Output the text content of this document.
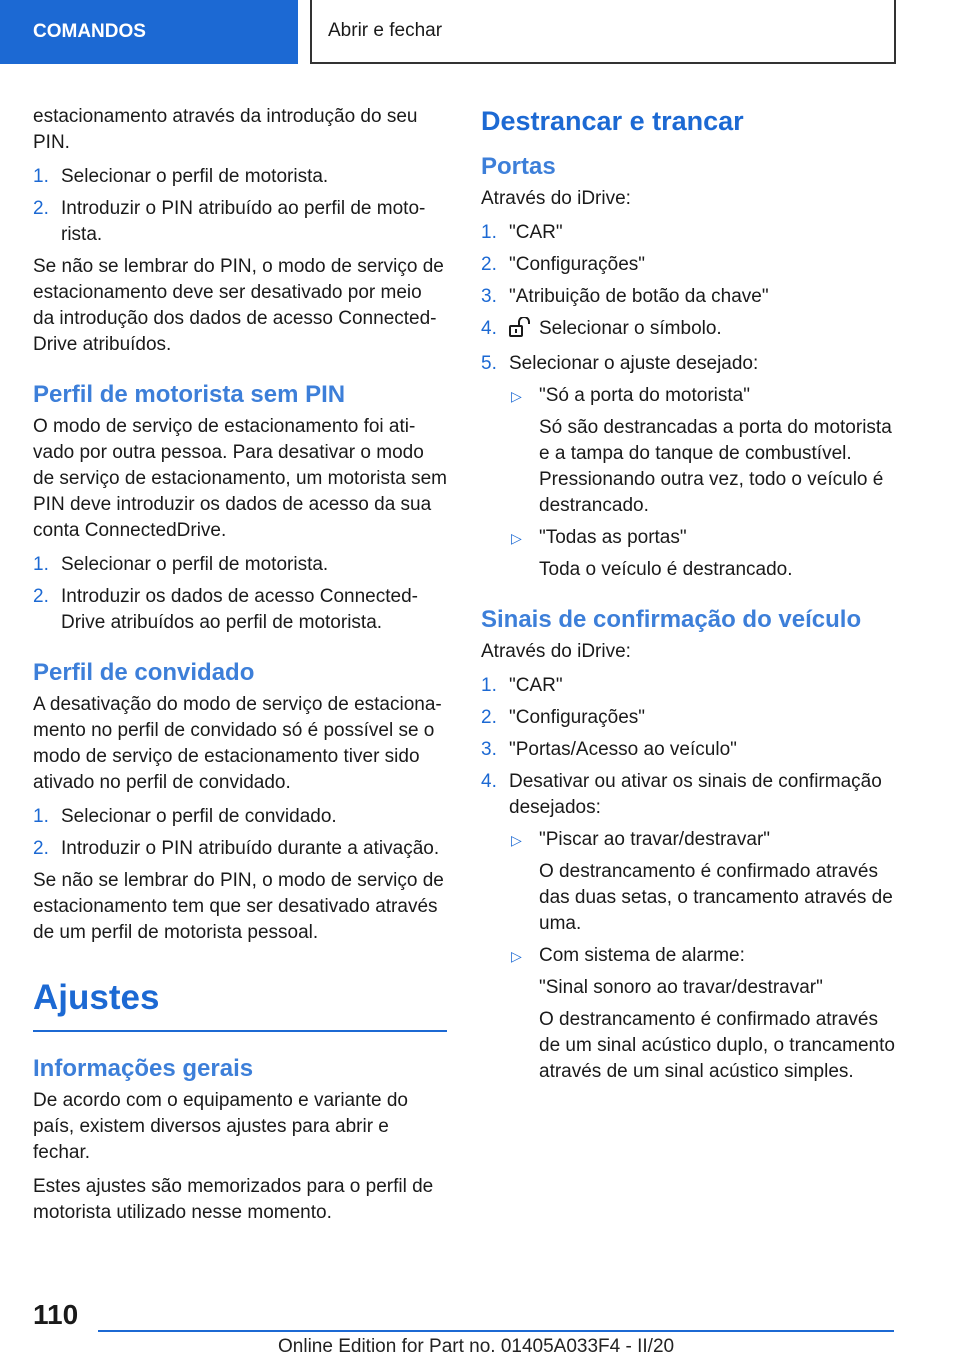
COMANDOS	Abrir e fechar

estacionamento através da introdução do seu PIN.

1. Selecionar o perfil de motorista.
2. Introduzir o PIN atribuído ao perfil de moto-rista.

Se não se lembrar do PIN, o modo de serviço de estacionamento deve ser desativado por meio da introdução dos dados de acesso Connected-Drive atribuídos.

Perfil de motorista sem PIN

O modo de serviço de estacionamento foi ati-vado por outra pessoa. Para desativar o modo de serviço de estacionamento, um motorista sem PIN deve introduzir os dados de acesso da sua conta ConnectedDrive.

1. Selecionar o perfil de motorista.
2. Introduzir os dados de acesso Connected-Drive atribuídos ao perfil de motorista.
Perfil de convidado

A desativação do modo de serviço de estaciona-mento no perfil de convidado só é possível se o modo de serviço de estacionamento tiver sido ativado no perfil de convidado.

1. Selecionar o perfil de convidado.
2. Introduzir o PIN atribuído durante a ativação.

Se não se lembrar do PIN, o modo de serviço de estacionamento tem que ser desativado através de um perfil de motorista pessoal.

Ajustes
Informações gerais

De acordo com o equipamento e variante do país, existem diversos ajustes para abrir e fechar.

Estes ajustes são memorizados para o perfil de motorista utilizado nesse momento.

Destrancar e trancar
Portas

Através do iDrive:

1. "CAR"
2. "Configurações"
3. "Atribuição de botão da chave"
4. Selecionar o símbolo.
5. Selecionar o ajuste desejado:
▷ "Só a porta do motorista"
Só são destrancadas a porta do motorista e a tampa do tanque de combustível. Pressionando outra vez, todo o veículo é destrancado.
▷ "Todas as portas"
Toda o veículo é destrancado.
Sinais de confirmação do veículo

Através do iDrive:

1. "CAR"
2. "Configurações"
3. "Portas/Acesso ao veículo"
4. Desativar ou ativar os sinais de confirmação desejados:
▷ "Piscar ao travar/destravar"
O destrancamento é confirmado através das duas setas, o trancamento através de uma.
▷ Com sistema de alarme:
"Sinal sonoro ao travar/destravar"
O destrancamento é confirmado através de um sinal acústico duplo, o trancamento através de um sinal acústico simples.
110
Online Edition for Part no. 01405A033F4 - II/20
